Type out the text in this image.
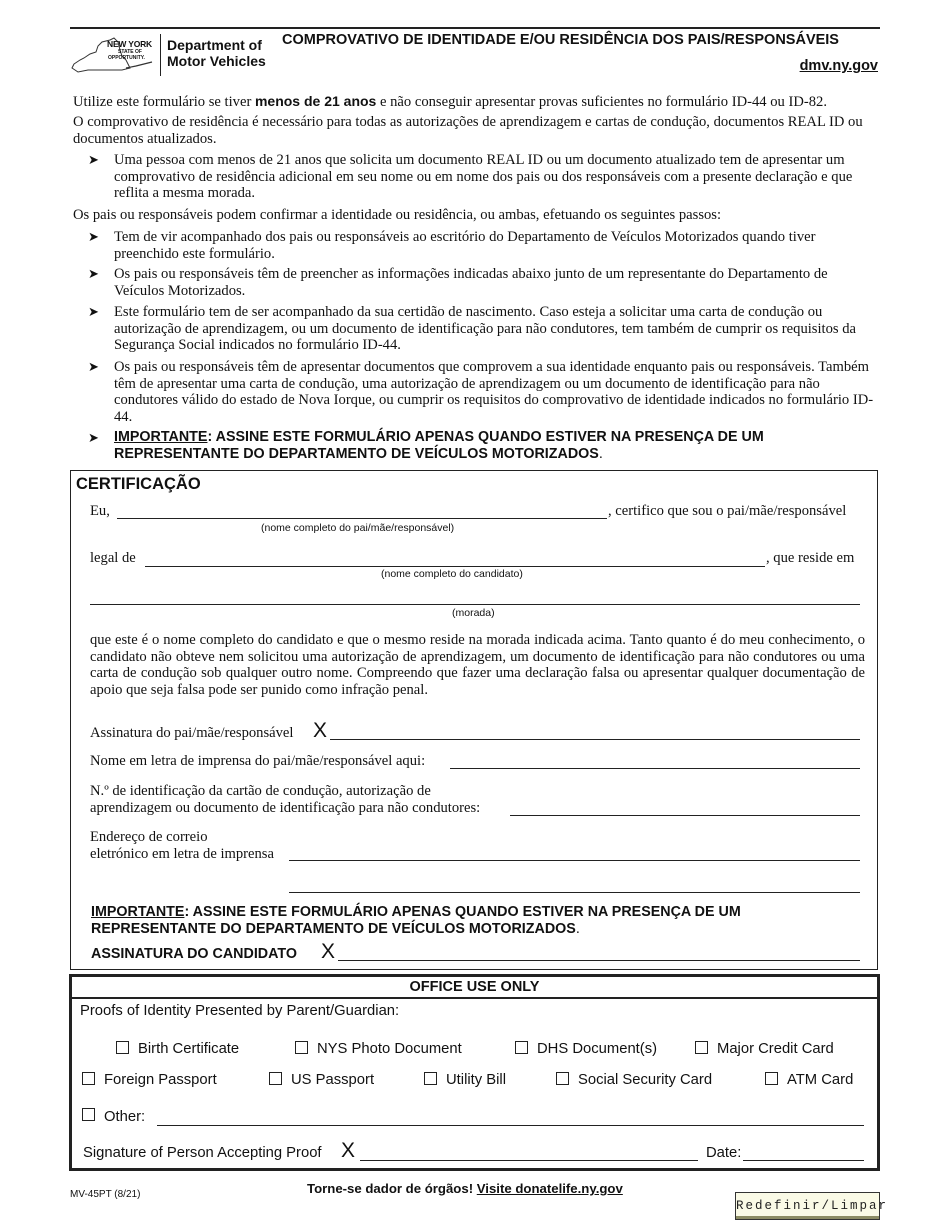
NEW YORK
STATE OF
OPPORTUNITY.
Department of
Motor Vehicles
COMPROVATIVO DE IDENTIDADE E/OU RESIDÊNCIA DOS PAIS/RESPONSÁVEIS
dmv.ny.gov
Utilize este formulário se tiver menos de 21 anos e não conseguir apresentar provas suficientes no formulário ID-44 ou ID-82.
O comprovativo de residência é necessário para todas as autorizações de aprendizagem e cartas de condução, documentos REAL ID ou documentos atualizados.
➤ Uma pessoa com menos de 21 anos que solicita um documento REAL ID ou um documento atualizado tem de apresentar um comprovativo de residência adicional em seu nome ou em nome dos pais ou dos responsáveis com a presente declaração e que reflita a mesma morada.
Os pais ou responsáveis podem confirmar a identidade ou residência, ou ambas, efetuando os seguintes passos:
➤ Tem de vir acompanhado dos pais ou responsáveis ao escritório do Departamento de Veículos Motorizados quando tiver preenchido este formulário.
➤ Os pais ou responsáveis têm de preencher as informações indicadas abaixo junto de um representante do Departamento de Veículos Motorizados.
➤ Este formulário tem de ser acompanhado da sua certidão de nascimento. Caso esteja a solicitar uma carta de condução ou autorização de aprendizagem, ou um documento de identificação para não condutores, tem também de cumprir os requisitos da Segurança Social indicados no formulário ID-44.
➤ Os pais ou responsáveis têm de apresentar documentos que comprovem a sua identidade enquanto pais ou responsáveis. Também têm de apresentar uma carta de condução, uma autorização de aprendizagem ou um documento de identificação para não condutores válido do estado de Nova Iorque, ou cumprir os requisitos do comprovativo de identidade indicados no formulário ID-44.
➤ IMPORTANTE: ASSINE ESTE FORMULÁRIO APENAS QUANDO ESTIVER NA PRESENÇA DE UM REPRESENTANTE DO DEPARTAMENTO DE VEÍCULOS MOTORIZADOS.
CERTIFICAÇÃO
Eu,	, certifico que sou o pai/mãe/responsável
(nome completo do pai/mãe/responsável)
legal de	, que reside em
(nome completo do candidato)
(morada)
que este é o nome completo do candidato e que o mesmo reside na morada indicada acima. Tanto quanto é do meu conhecimento, o candidato não obteve nem solicitou uma autorização de aprendizagem, um documento de identificação para não condutores ou uma carta de condução sob qualquer outro nome. Compreendo que fazer uma declaração falsa ou apresentar qualquer documentação de apoio que seja falsa pode ser punido como infração penal.
Assinatura do pai/mãe/responsável X
Nome em letra de imprensa do pai/mãe/responsável aqui:
N.º de identificação da cartão de condução, autorização de
aprendizagem ou documento de identificação para não condutores:
Endereço de correio
eletrónico em letra de imprensa
IMPORTANTE: ASSINE ESTE FORMULÁRIO APENAS QUANDO ESTIVER NA PRESENÇA DE UM REPRESENTANTE DO DEPARTAMENTO DE VEÍCULOS MOTORIZADOS.
ASSINATURA DO CANDIDATO X
OFFICE USE ONLY
Proofs of Identity Presented by Parent/Guardian:
Birth Certificate	NYS Photo Document	DHS Document(s)	Major Credit Card
Foreign Passport	US Passport	Utility Bill	Social Security Card	ATM Card
Other:
Signature of Person Accepting Proof X	Date:
MV-45PT (8/21)	Torne-se dador de órgãos! Visite donatelife.ny.gov
Redefinir/Limpar
